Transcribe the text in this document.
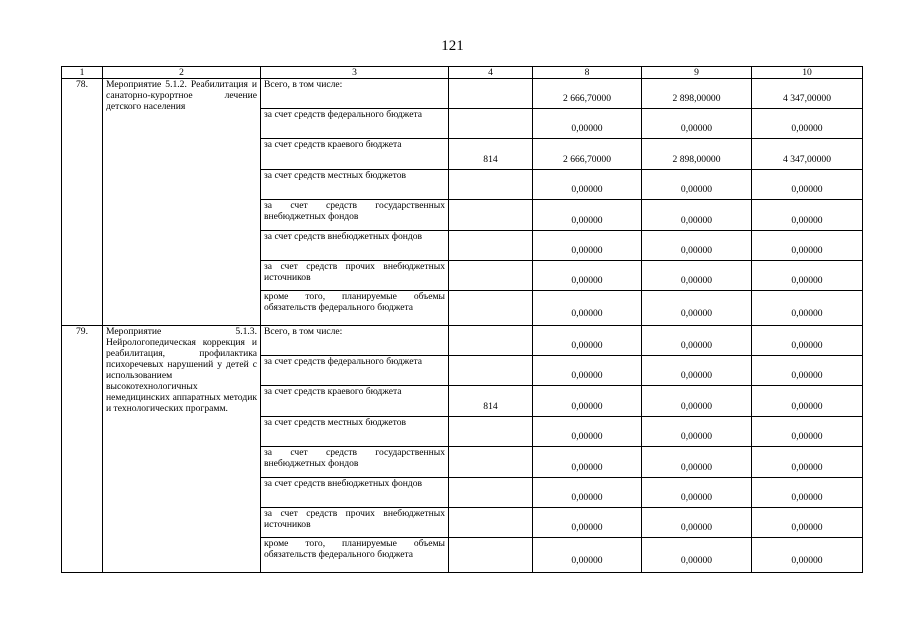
121
1	2	3	4	8	9	10
78.	Мероприятие 5.1.2. Реабилитация и санаторно-курортное лечение детского населения	Всего, в том числе:		2 666,70000	2 898,00000	4 347,00000
		за счет средств федерального бюджета		0,00000	0,00000	0,00000
		за счет средств краевого бюджета	814	2 666,70000	2 898,00000	4 347,00000
		за счет средств местных бюджетов		0,00000	0,00000	0,00000
		за счет средств государственных внебюджетных фондов		0,00000	0,00000	0,00000
		за счет средств внебюджетных фондов		0,00000	0,00000	0,00000
		за счет средств прочих внебюджетных источников		0,00000	0,00000	0,00000
		кроме того, планируемые объемы обязательств федерального бюджета		0,00000	0,00000	0,00000
79.	Мероприятие 5.1.3. Нейрологопедическая коррекция и реабилитация, профилактика психоречевых нарушений у детей с использованием высокотехнологичных немедицинских аппаратных методик и технологических программ.	Всего, в том числе:		0,00000	0,00000	0,00000
		за счет средств федерального бюджета		0,00000	0,00000	0,00000
		за счет средств краевого бюджета	814	0,00000	0,00000	0,00000
		за счет средств местных бюджетов		0,00000	0,00000	0,00000
		за счет средств государственных внебюджетных фондов		0,00000	0,00000	0,00000
		за счет средств внебюджетных фондов		0,00000	0,00000	0,00000
		за счет средств прочих внебюджетных источников		0,00000	0,00000	0,00000
		кроме того, планируемые объемы обязательств федерального бюджета		0,00000	0,00000	0,00000
